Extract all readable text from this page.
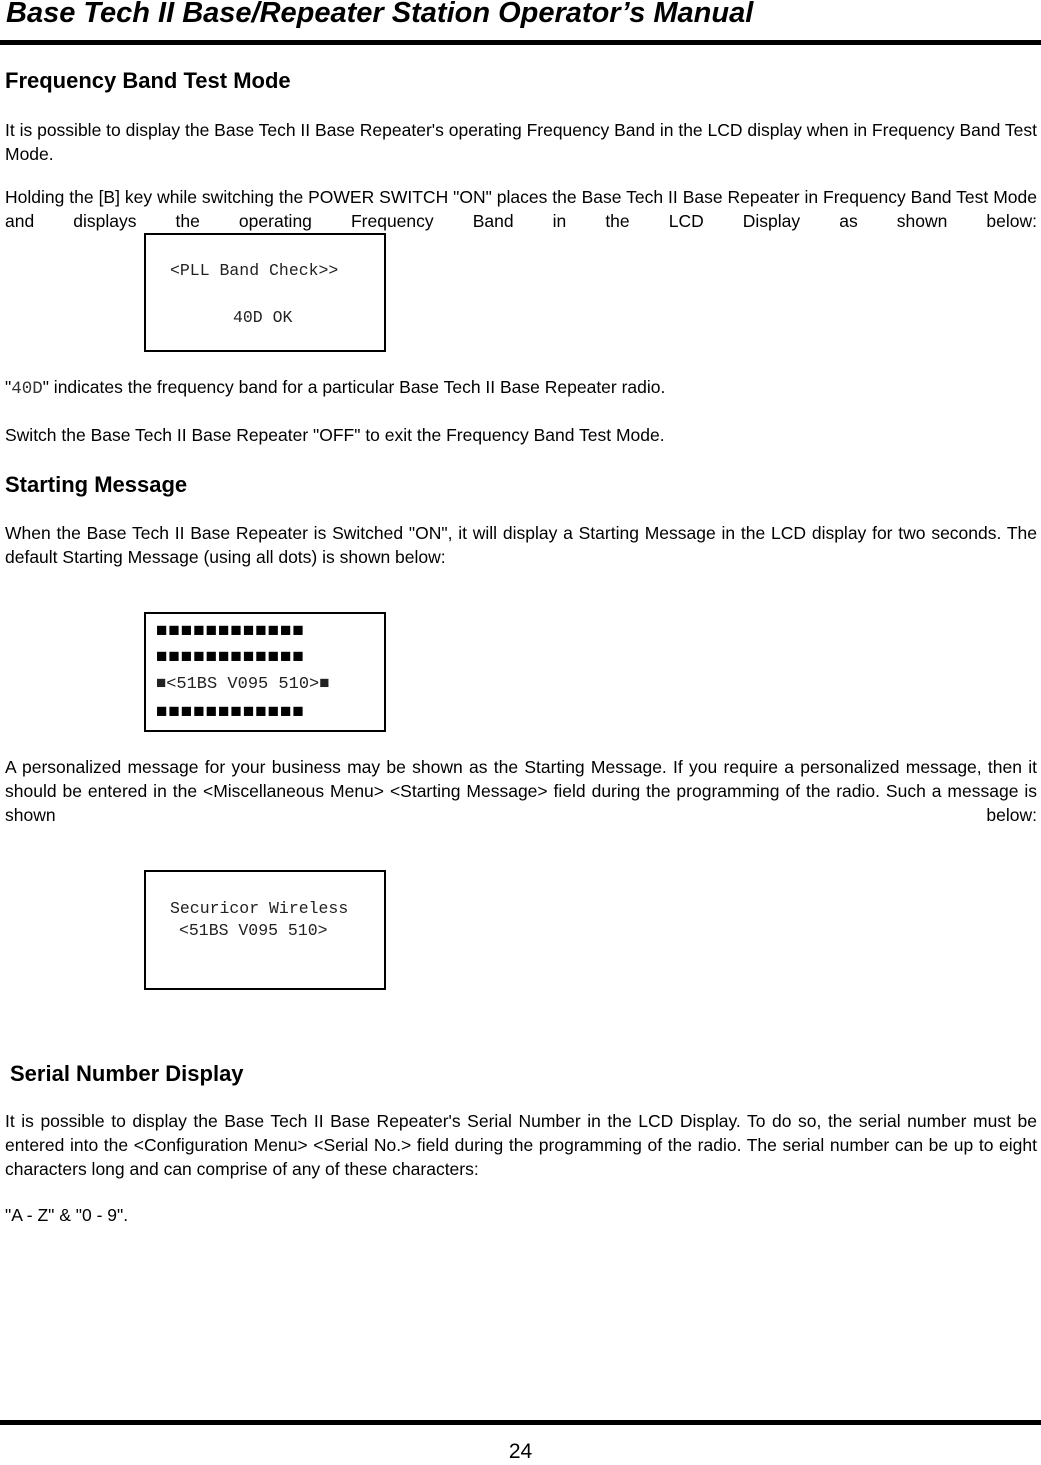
Base Tech II Base/Repeater Station Operator’s Manual
Frequency Band Test Mode

It is possible to display the Base Tech II Base Repeater's operating Frequency Band in the LCD display when in Frequency Band Test Mode.

Holding the [B] key while switching the POWER SWITCH "ON" places the Base Tech II Base Repeater in Frequency Band Test Mode and displays the operating Frequency Band in the LCD Display as shown below:

<PLL Band Check>>
40D OK

"40D" indicates the frequency band for a particular Base Tech II Base Repeater radio.

Switch the Base Tech II Base Repeater "OFF" to exit the Frequency Band Test Mode.

Starting Message

When the Base Tech II Base Repeater is Switched "ON", it will display a Starting Message in the LCD display for two seconds. The default Starting Message (using all dots) is shown below:

■■■■■■■■■■■■
■■■■■■■■■■■■
■<51BS V095 510>■
■■■■■■■■■■■■

A personalized message for your business may be shown as the Starting Message. If you require a personalized message, then it should be entered in the <Miscellaneous Menu> <Starting Message> field during the programming of the radio. Such a message is shown below:

Securicor Wireless
<51BS V095 510>
Serial Number Display

It is possible to display the Base Tech II Base Repeater's Serial Number in the LCD Display. To do so, the serial number must be entered into the <Configuration Menu> <Serial No.> field during the programming of the radio. The serial number can be up to eight characters long and can comprise of any of these characters:

"A - Z" & "0 - 9".

24
